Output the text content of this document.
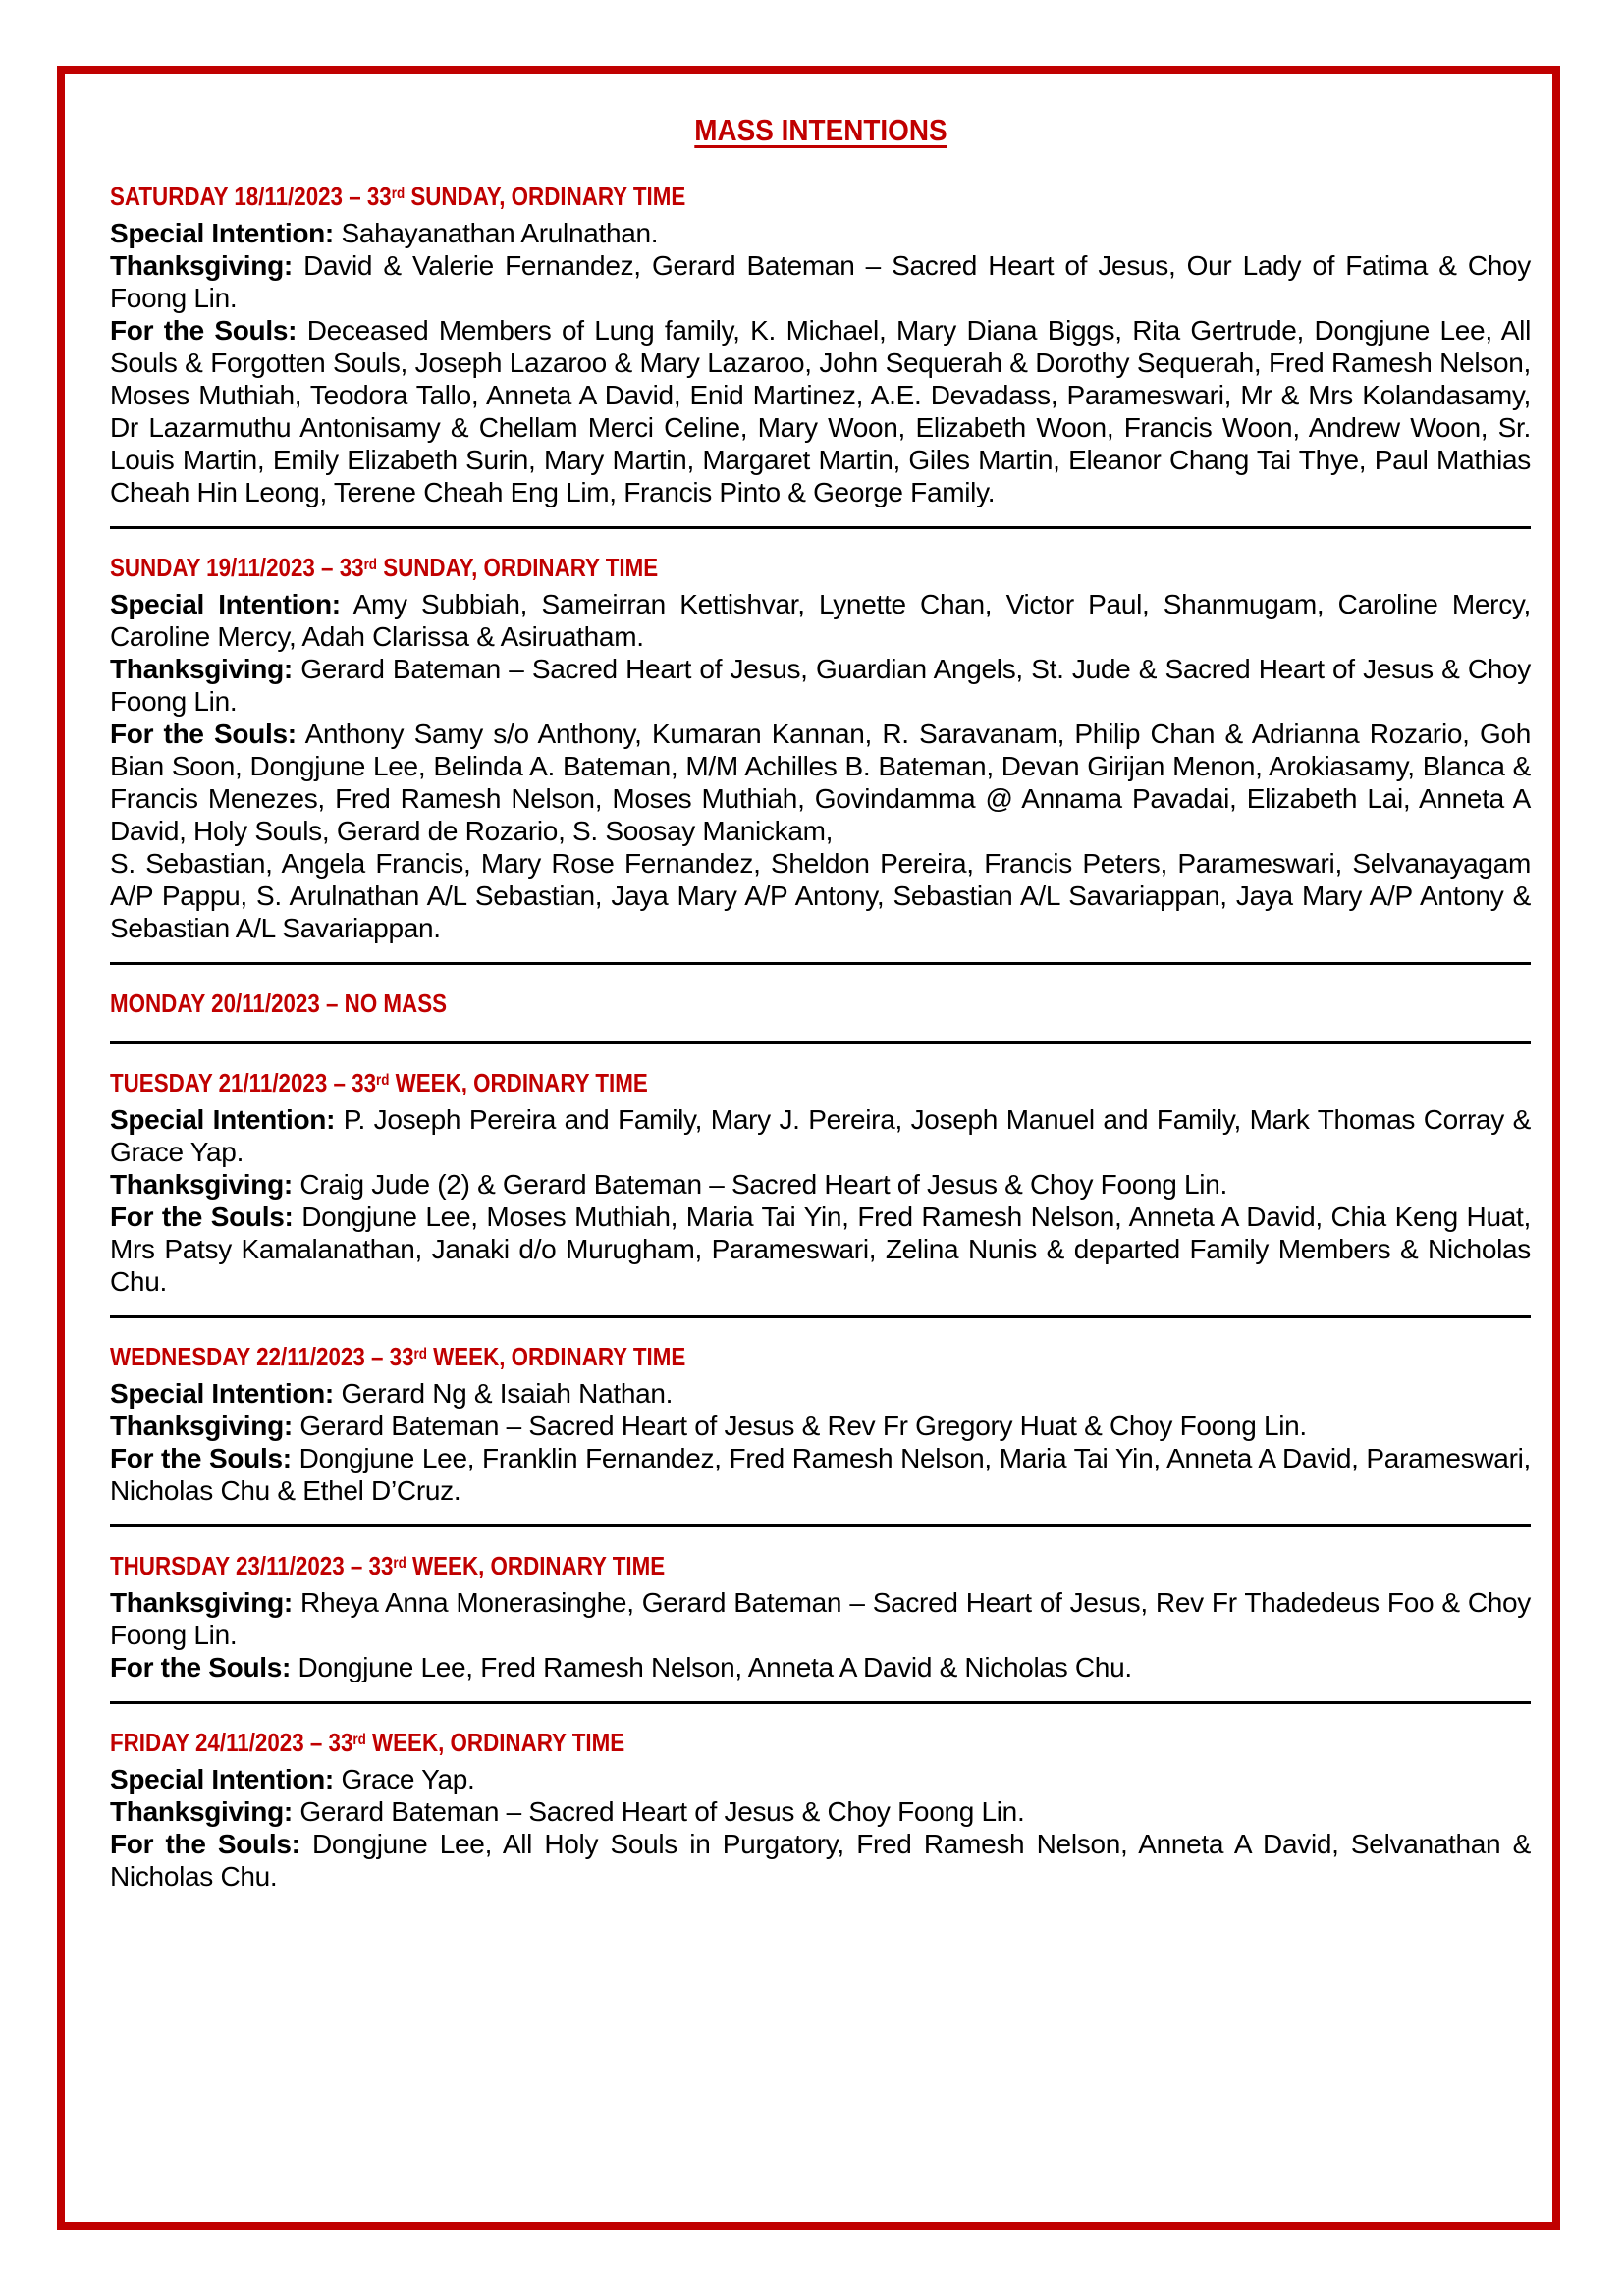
MASS INTENTIONS
SATURDAY 18/11/2023 – 33rd SUNDAY, ORDINARY TIME

Special Intention: Sahayanathan Arulnathan.

Thanksgiving: David & Valerie Fernandez, Gerard Bateman – Sacred Heart of Jesus, Our Lady of Fatima & Choy Foong Lin.

For the Souls: Deceased Members of Lung family, K. Michael, Mary Diana Biggs, Rita Gertrude, Dongjune Lee, All Souls & Forgotten Souls, Joseph Lazaroo & Mary Lazaroo, John Sequerah & Dorothy Sequerah, Fred Ramesh Nelson, Moses Muthiah, Teodora Tallo, Anneta A David, Enid Martinez, A.E. Devadass, Parameswari, Mr & Mrs Kolandasamy, Dr Lazarmuthu Antonisamy & Chellam Merci Celine, Mary Woon, Elizabeth Woon, Francis Woon, Andrew Woon, Sr. Louis Martin, Emily Elizabeth Surin, Mary Martin, Margaret Martin, Giles Martin, Eleanor Chang Tai Thye, Paul Mathias Cheah Hin Leong, Terene Cheah Eng Lim, Francis Pinto & George Family.

SUNDAY 19/11/2023 – 33rd SUNDAY, ORDINARY TIME

Special Intention: Amy Subbiah, Sameirran Kettishvar, Lynette Chan, Victor Paul, Shanmugam, Caroline Mercy, Caroline Mercy, Adah Clarissa & Asiruatham.

Thanksgiving: Gerard Bateman – Sacred Heart of Jesus, Guardian Angels, St. Jude & Sacred Heart of Jesus & Choy Foong Lin.

For the Souls: Anthony Samy s/o Anthony, Kumaran Kannan, R. Saravanam, Philip Chan & Adrianna Rozario, Goh Bian Soon, Dongjune Lee, Belinda A. Bateman, M/M Achilles B. Bateman, Devan Girijan Menon, Arokiasamy, Blanca & Francis Menezes, Fred Ramesh Nelson, Moses Muthiah, Govindamma @ Annama Pavadai, Elizabeth Lai, Anneta A David, Holy Souls, Gerard de Rozario, S. Soosay Manickam,
S. Sebastian, Angela Francis, Mary Rose Fernandez, Sheldon Pereira, Francis Peters, Parameswari, Selvanayagam A/P Pappu, S. Arulnathan A/L Sebastian, Jaya Mary A/P Antony, Sebastian A/L Savariappan, Jaya Mary A/P Antony & Sebastian A/L Savariappan.

MONDAY 20/11/2023 – NO MASS
TUESDAY 21/11/2023 – 33rd WEEK, ORDINARY TIME

Special Intention: P. Joseph Pereira and Family, Mary J. Pereira, Joseph Manuel and Family, Mark Thomas Corray & Grace Yap.

Thanksgiving: Craig Jude (2) & Gerard Bateman – Sacred Heart of Jesus & Choy Foong Lin.

For the Souls: Dongjune Lee, Moses Muthiah, Maria Tai Yin, Fred Ramesh Nelson, Anneta A David, Chia Keng Huat, Mrs Patsy Kamalanathan, Janaki d/o Murugham, Parameswari, Zelina Nunis & departed Family Members & Nicholas Chu.

WEDNESDAY 22/11/2023 – 33rd WEEK, ORDINARY TIME

Special Intention: Gerard Ng & Isaiah Nathan.

Thanksgiving: Gerard Bateman – Sacred Heart of Jesus & Rev Fr Gregory Huat & Choy Foong Lin.

For the Souls: Dongjune Lee, Franklin Fernandez, Fred Ramesh Nelson, Maria Tai Yin, Anneta A David, Parameswari, Nicholas Chu & Ethel D’Cruz.

THURSDAY 23/11/2023 – 33rd WEEK, ORDINARY TIME

Thanksgiving: Rheya Anna Monerasinghe, Gerard Bateman – Sacred Heart of Jesus, Rev Fr Thadedeus Foo & Choy Foong Lin.

For the Souls: Dongjune Lee, Fred Ramesh Nelson, Anneta A David & Nicholas Chu.

FRIDAY 24/11/2023 – 33rd WEEK, ORDINARY TIME

Special Intention: Grace Yap.

Thanksgiving: Gerard Bateman – Sacred Heart of Jesus & Choy Foong Lin.

For the Souls: Dongjune Lee, All Holy Souls in Purgatory, Fred Ramesh Nelson, Anneta A David, Selvanathan & Nicholas Chu.
